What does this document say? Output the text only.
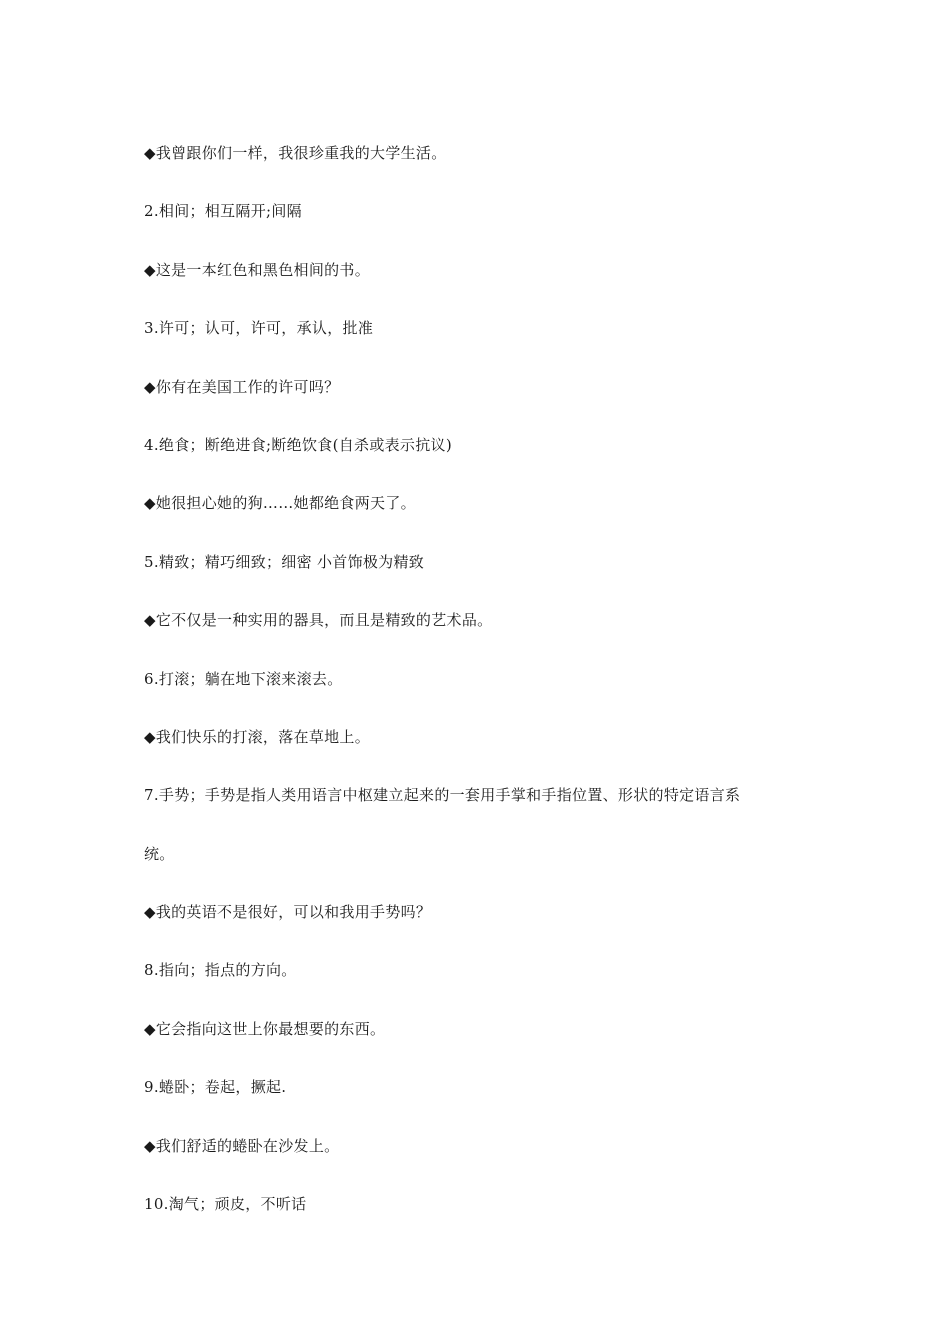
◆我曾跟你们一样，我很珍重我的大学生活。
2.相间；相互隔开;间隔
◆这是一本红色和黑色相间的书。
3.许可；认可，许可，承认，批准
◆你有在美国工作的许可吗？
4.绝食；断绝进食;断绝饮食(自杀或表示抗议)
◆她很担心她的狗……她都绝食两天了。
5.精致；精巧细致；细密 小首饰极为精致
◆它不仅是一种实用的器具，而且是精致的艺术品。
6.打滚；躺在地下滚来滚去。
◆我们快乐的打滚，落在草地上。
7.手势；手势是指人类用语言中枢建立起来的一套用手掌和手指位置、形状的特定语言系
统。
◆我的英语不是很好，可以和我用手势吗？
8.指向；指点的方向。
◆它会指向这世上你最想要的东西。
9.蜷卧；卷起，撅起.
◆我们舒适的蜷卧在沙发上。
10.淘气；顽皮，不听话
